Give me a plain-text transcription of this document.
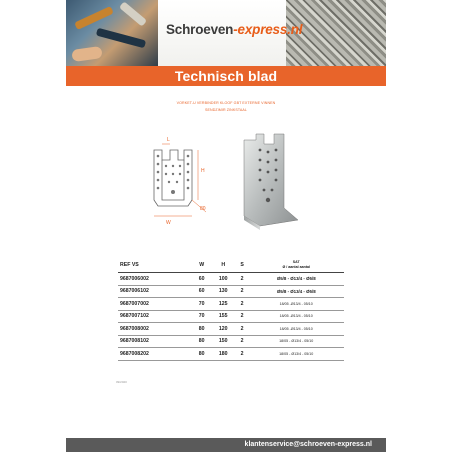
Schroeven-express.nl
Technisch blad
VORKET-U VERBINDER KLOOF GBT EXTERNE VINNEN
SENDZIMIR ZINKSTAAL
L
H
80
W
REF VS	W	H	S	SAT
Ø / aantal aantal

9687006002	60	100	2	Ø5/8 - Ø13/4 - Ø5/8
9687006102	60	130	2	Ø5/8 - Ø13/4 - Ø5/8
9687007002	70	125	2	18/05 -Ø13/4 - 05/10
9687007102	70	155	2	18/05 -Ø13/4 - 05/10
9687008002	80	120	2	18/05 -Ø13/4 - 05/10
9687008102	80	150	2	18/05 - Ø13/4 - 05/10
9687008202	80	180	2	18/05 - Ø13/4 - 05/10
09/2020
klantenservice@schroeven-express.nl
